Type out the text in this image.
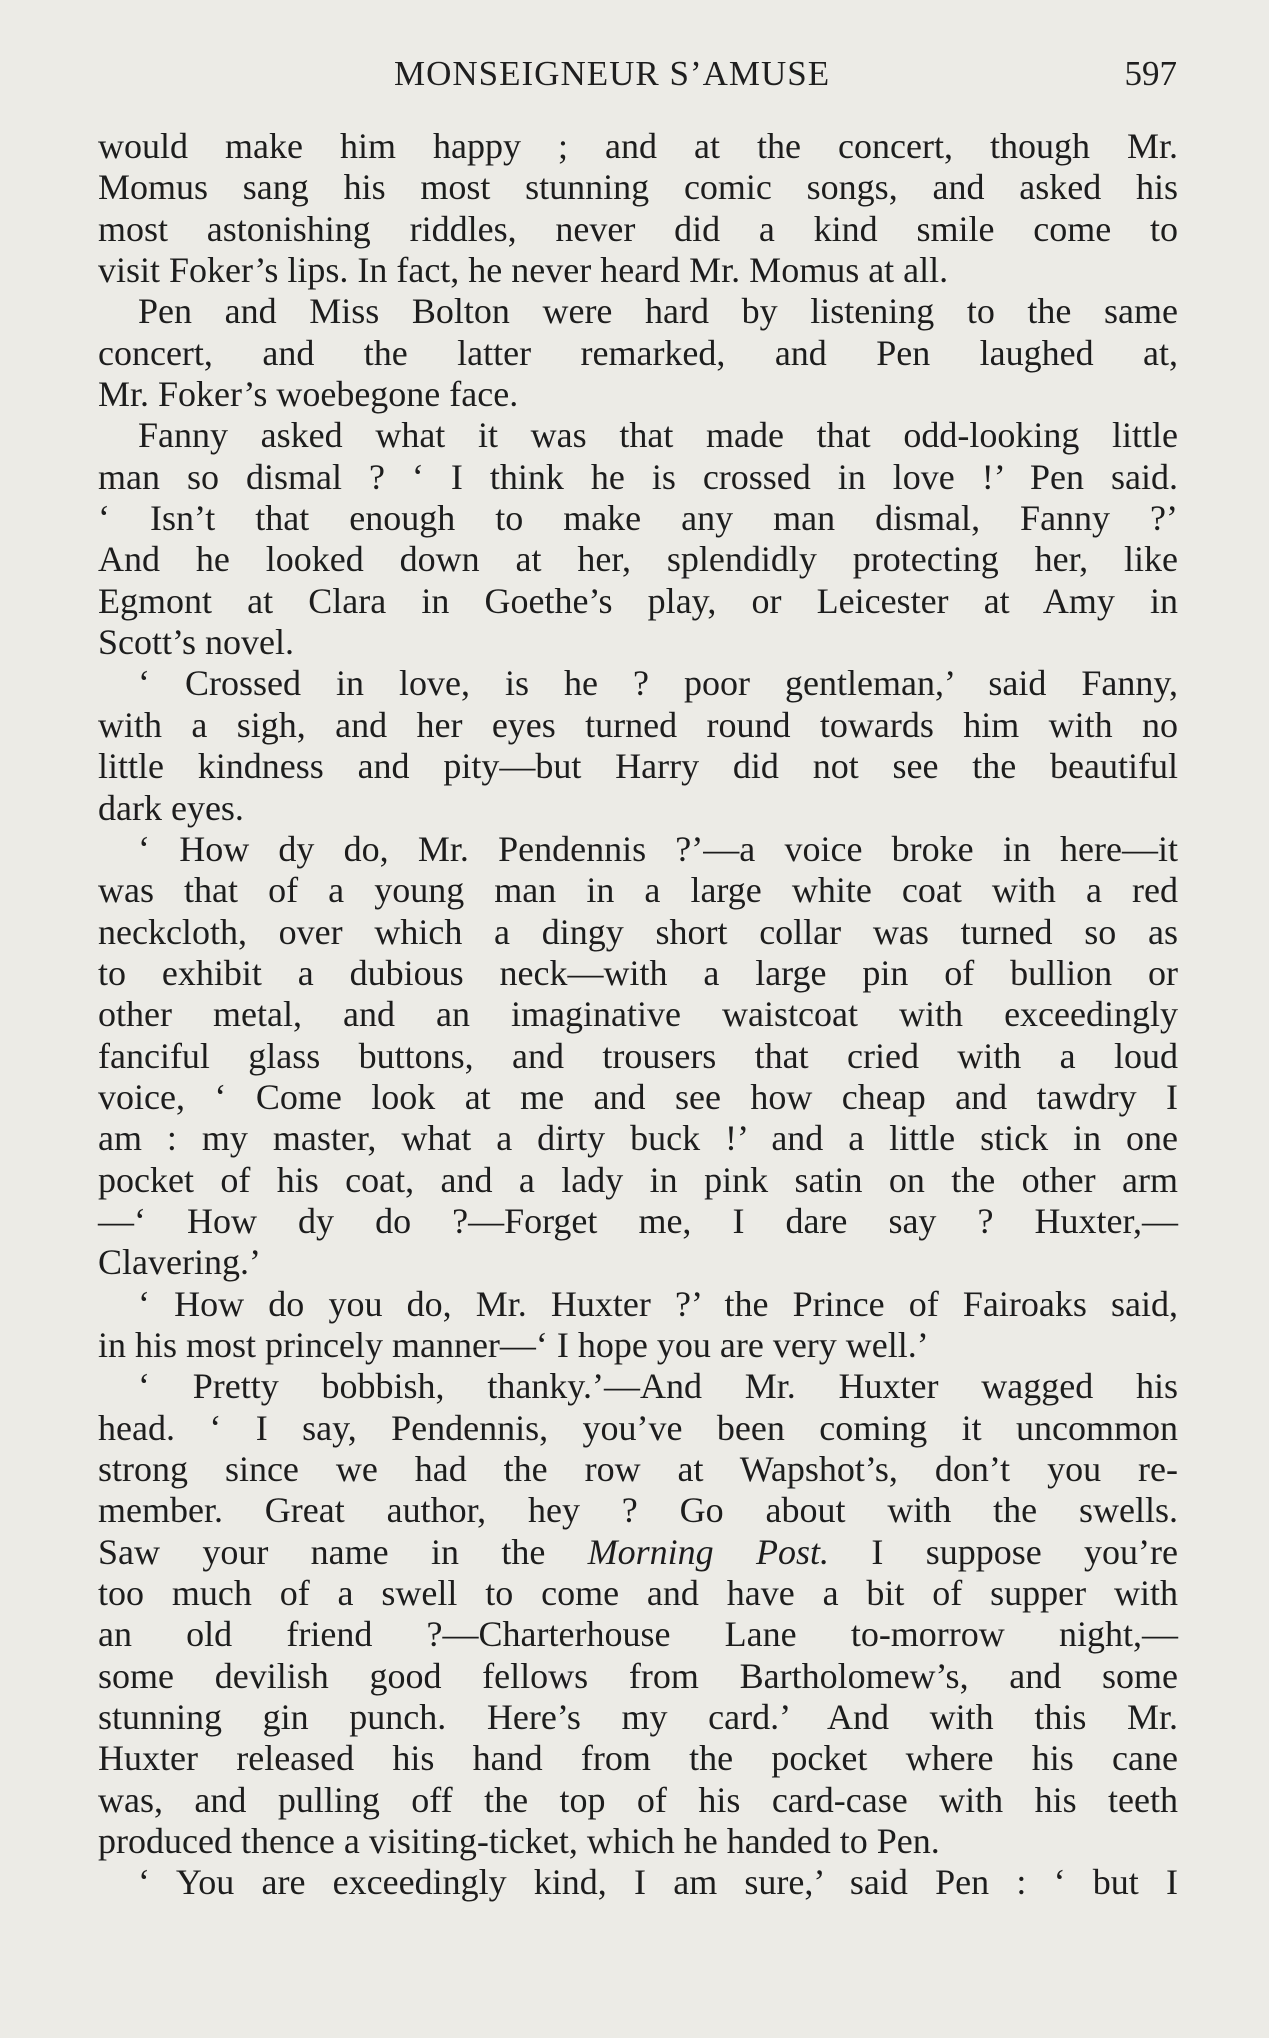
MONSEIGNEUR S’AMUSE	597
would make him happy ; and at the concert, though Mr.
Momus sang his most stunning comic songs, and asked his
most astonishing riddles, never did a kind smile come to
visit Foker’s lips. In fact, he never heard Mr. Momus at all.
Pen and Miss Bolton were hard by listening to the same
concert, and the latter remarked, and Pen laughed at,
Mr. Foker’s woebegone face.
Fanny asked what it was that made that odd-looking little
man so dismal ? ‘ I think he is crossed in love !’ Pen said.
‘ Isn’t that enough to make any man dismal, Fanny ?’
And he looked down at her, splendidly protecting her, like
Egmont at Clara in Goethe’s play, or Leicester at Amy in
Scott’s novel.
‘ Crossed in love, is he ? poor gentleman,’ said Fanny,
with a sigh, and her eyes turned round towards him with no
little kindness and pity—but Harry did not see the beautiful
dark eyes.
‘ How dy do, Mr. Pendennis ?’—a voice broke in here—it
was that of a young man in a large white coat with a red
neckcloth, over which a dingy short collar was turned so as
to exhibit a dubious neck—with a large pin of bullion or
other metal, and an imaginative waistcoat with exceedingly
fanciful glass buttons, and trousers that cried with a loud
voice, ‘ Come look at me and see how cheap and tawdry I
am : my master, what a dirty buck !’ and a little stick in one
pocket of his coat, and a lady in pink satin on the other arm
—‘ How dy do ?—Forget me, I dare say ? Huxter,—
Clavering.’
‘ How do you do, Mr. Huxter ?’ the Prince of Fairoaks said,
in his most princely manner—‘ I hope you are very well.’
‘ Pretty bobbish, thanky.’—And Mr. Huxter wagged his
head. ‘ I say, Pendennis, you’ve been coming it uncommon
strong since we had the row at Wapshot’s, don’t you re-
member. Great author, hey ? Go about with the swells.
Saw your name in the Morning Post. I suppose you’re
too much of a swell to come and have a bit of supper with
an old friend ?—Charterhouse Lane to-morrow night,—
some devilish good fellows from Bartholomew’s, and some
stunning gin punch. Here’s my card.’ And with this Mr.
Huxter released his hand from the pocket where his cane
was, and pulling off the top of his card-case with his teeth
produced thence a visiting-ticket, which he handed to Pen.
‘ You are exceedingly kind, I am sure,’ said Pen : ‘ but I
